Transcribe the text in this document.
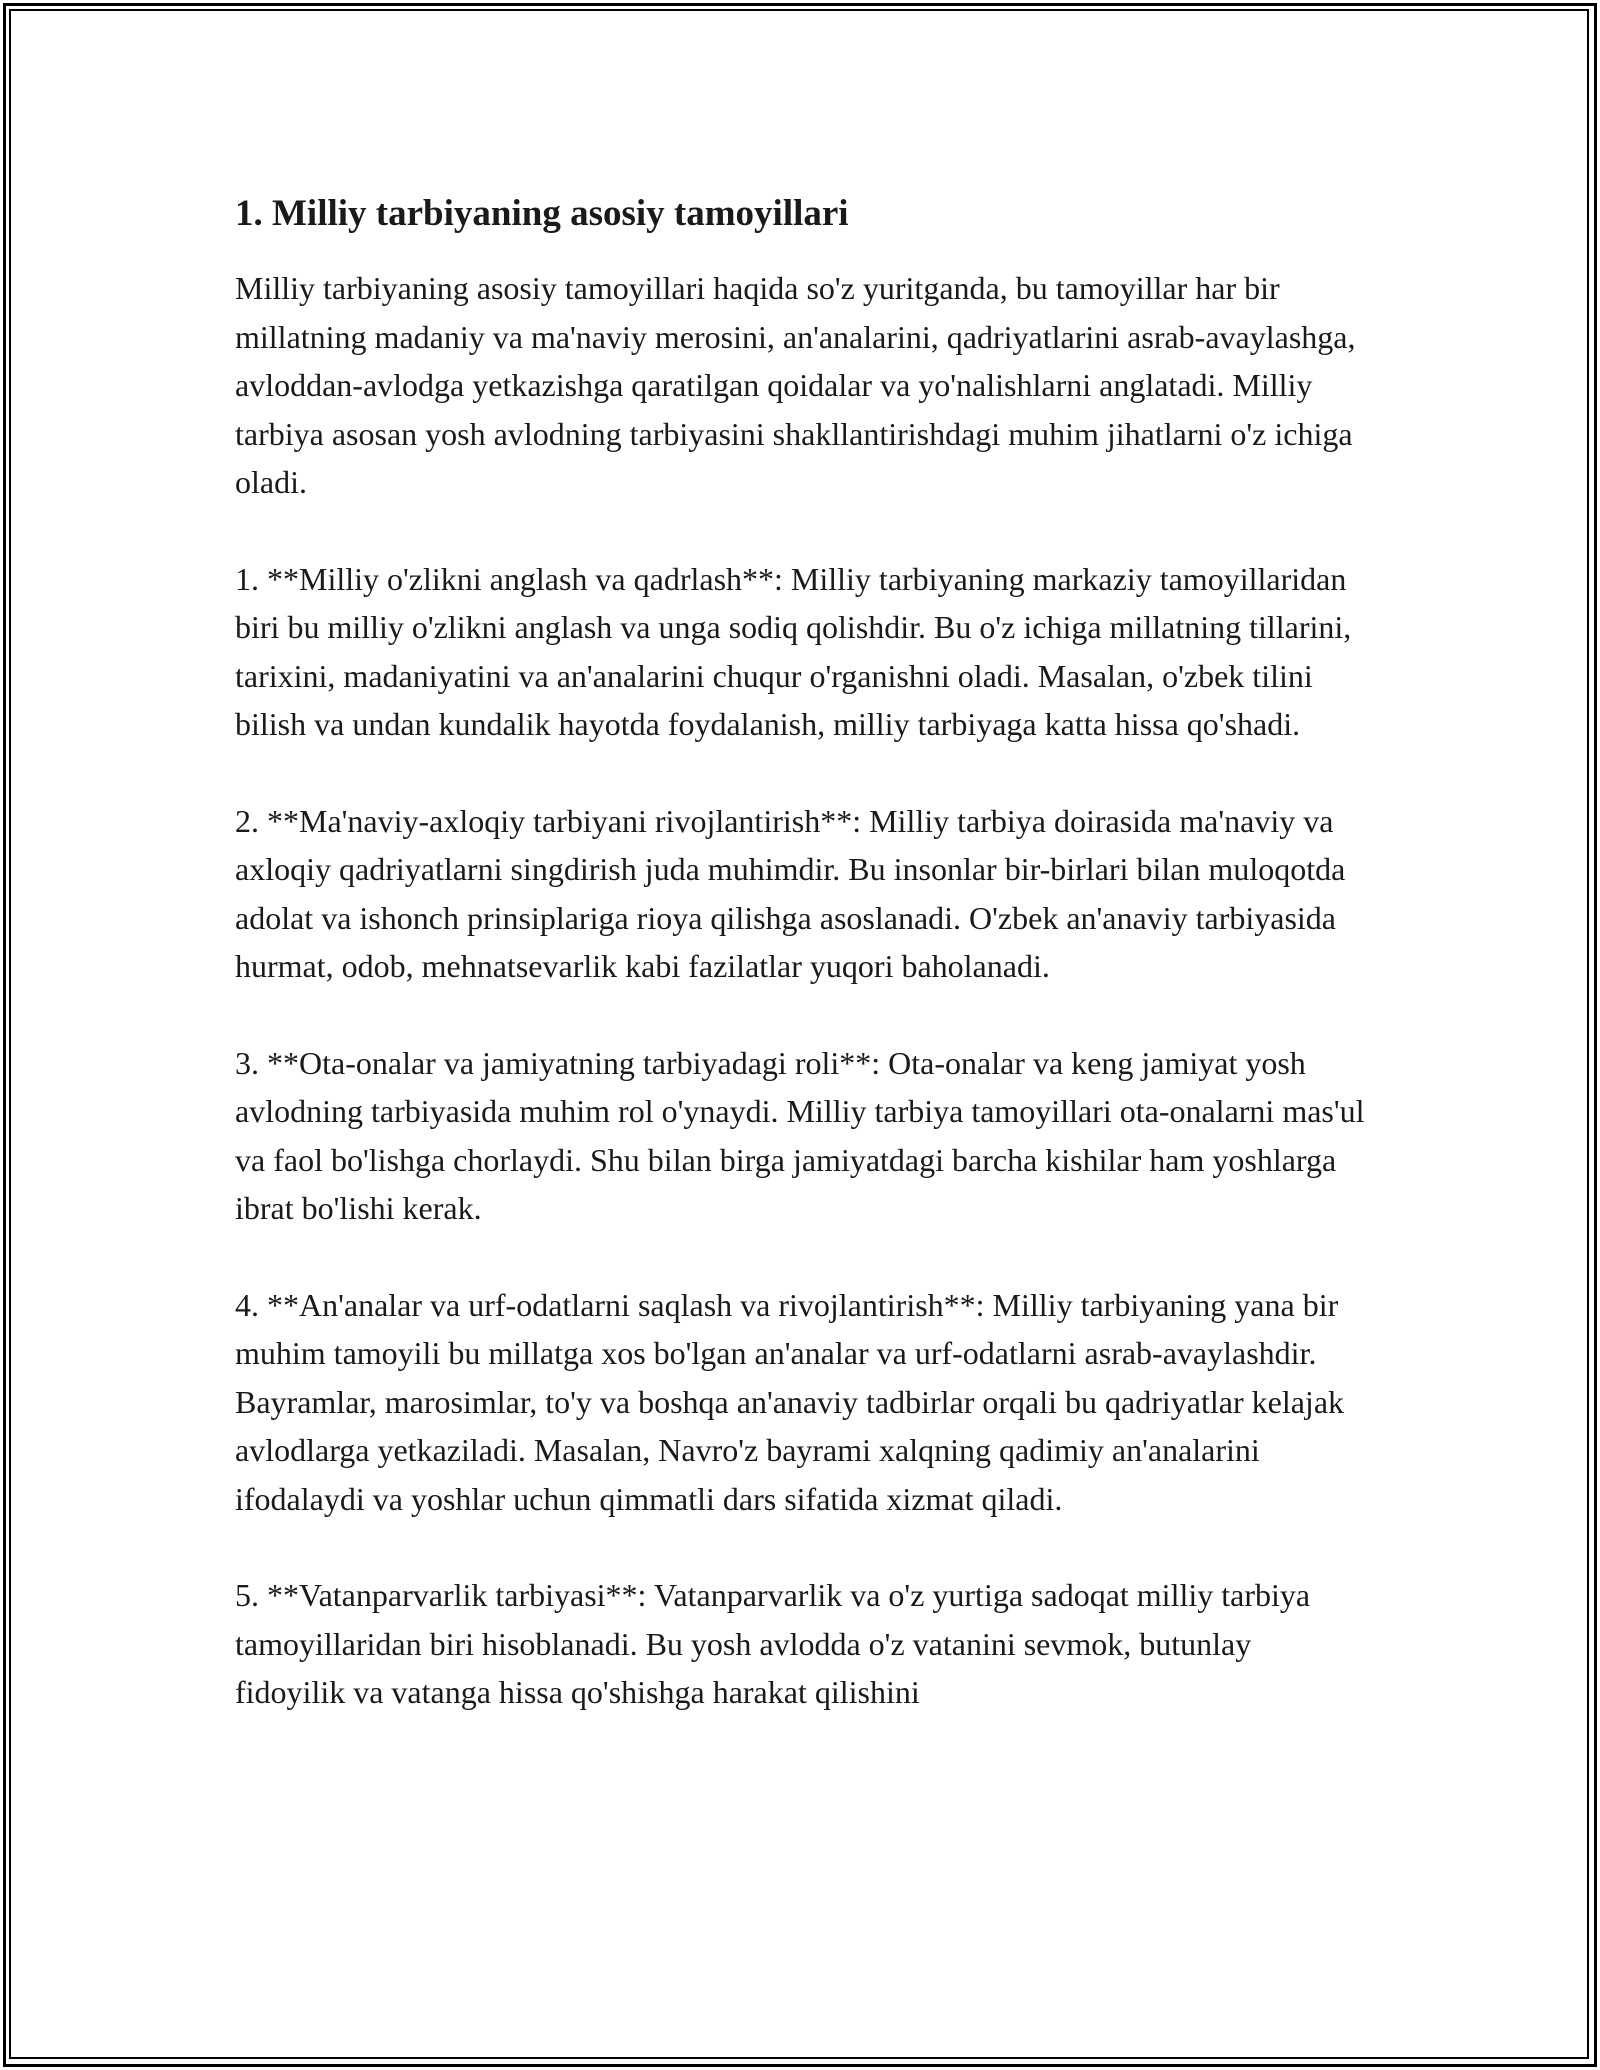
1. Milliy tarbiyaning asosiy tamoyillari

Milliy tarbiyaning asosiy tamoyillari haqida so'z yuritganda, bu tamoyillar har bir millatning madaniy va ma'naviy merosini, an'analarini, qadriyatlarini asrab-avaylashga, avloddan-avlodga yetkazishga qaratilgan qoidalar va yo'nalishlarni anglatadi. Milliy tarbiya asosan yosh avlodning tarbiyasini shakllantirishdagi muhim jihatlarni o'z ichiga oladi.

1. **Milliy o'zlikni anglash va qadrlash**: Milliy tarbiyaning markaziy tamoyillaridan biri bu milliy o'zlikni anglash va unga sodiq qolishdir. Bu o'z ichiga millatning tillarini, tarixini, madaniyatini va an'analarini chuqur o'rganishni oladi. Masalan, o'zbek tilini bilish va undan kundalik hayotda foydalanish, milliy tarbiyaga katta hissa qo'shadi.

2. **Ma'naviy-axloqiy tarbiyani rivojlantirish**: Milliy tarbiya doirasida ma'naviy va axloqiy qadriyatlarni singdirish juda muhimdir. Bu insonlar bir-birlari bilan muloqotda adolat va ishonch prinsiplariga rioya qilishga asoslanadi. O'zbek an'anaviy tarbiyasida hurmat, odob, mehnatsevarlik kabi fazilatlar yuqori baholanadi.

3. **Ota-onalar va jamiyatning tarbiyadagi roli**: Ota-onalar va keng jamiyat yosh avlodning tarbiyasida muhim rol o'ynaydi. Milliy tarbiya tamoyillari ota-onalarni mas'ul va faol bo'lishga chorlaydi. Shu bilan birga jamiyatdagi barcha kishilar ham yoshlarga ibrat bo'lishi kerak.

4. **An'analar va urf-odatlarni saqlash va rivojlantirish**: Milliy tarbiyaning yana bir muhim tamoyili bu millatga xos bo'lgan an'analar va urf-odatlarni asrab-avaylashdir. Bayramlar, marosimlar, to'y va boshqa an'anaviy tadbirlar orqali bu qadriyatlar kelajak avlodlarga yetkaziladi. Masalan, Navro'z bayrami xalqning qadimiy an'analarini ifodalaydi va yoshlar uchun qimmatli dars sifatida xizmat qiladi.

5. **Vatanparvarlik tarbiyasi**: Vatanparvarlik va o'z yurtiga sadoqat milliy tarbiya tamoyillaridan biri hisoblanadi. Bu yosh avlodda o'z vatanini sevmok, butunlay fidoyilik va vatanga hissa qo'shishga harakat qilishini
